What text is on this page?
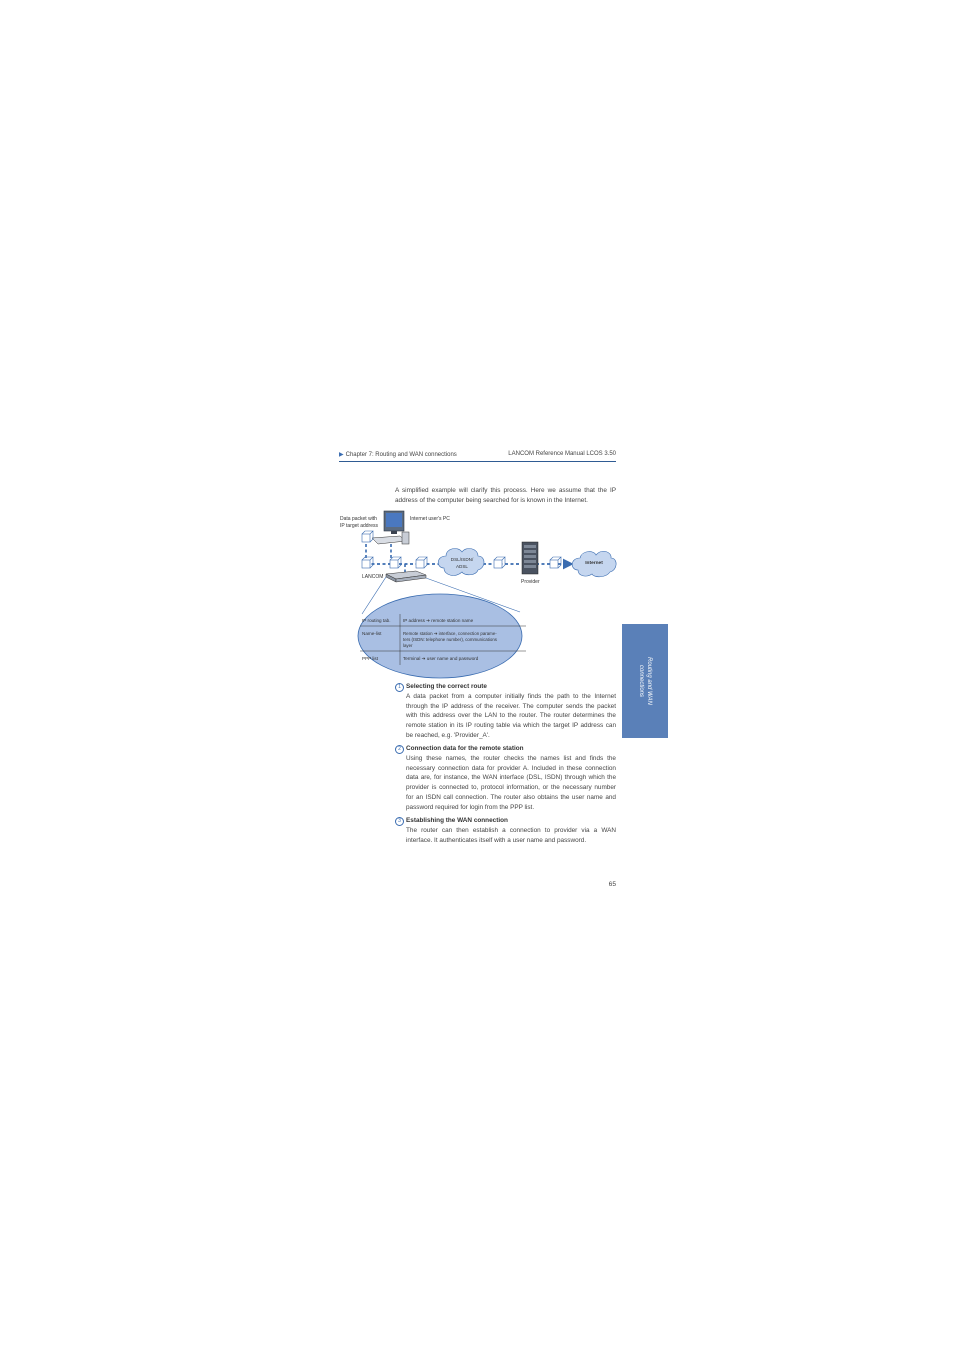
▶ Chapter 7: Routing and WAN connections	LANCOM Reference Manual LCOS 3.50
A simplified example will clarify this process. Here we assume that the IP address of the computer being searched for is known in the Internet.
Data packet with
IP target address
Internet user's PC
DSL/ISDN/
ADSL
Provider
Internet
LANCOM
IP routing tab.	IP address ➔ remote station name
Name-list	Remote station ➔ interface, connection parame-
ters (ISDN: telephone number), communications
layer
PPP list	Terminal ➔ user name and password	Routing and WAN
connections
1 Selecting the correct route
A data packet from a computer initially finds the path to the Internet through the IP address of the receiver. The computer sends the packet with this address over the LAN to the router. The router determines the remote station in its IP routing table via which the target IP address can be reached, e.g. 'Provider_A'.
2 Connection data for the remote station
Using these names, the router checks the names list and finds the necessary connection data for provider A. Included in these connection data are, for instance, the WAN interface (DSL, ISDN) through which the provider is connected to, protocol information, or the necessary number for an ISDN call connection. The router also obtains the user name and password required for login from the PPP list.
3 Establishing the WAN connection
The router can then establish a connection to provider via a WAN interface. It authenticates itself with a user name and password.
65
